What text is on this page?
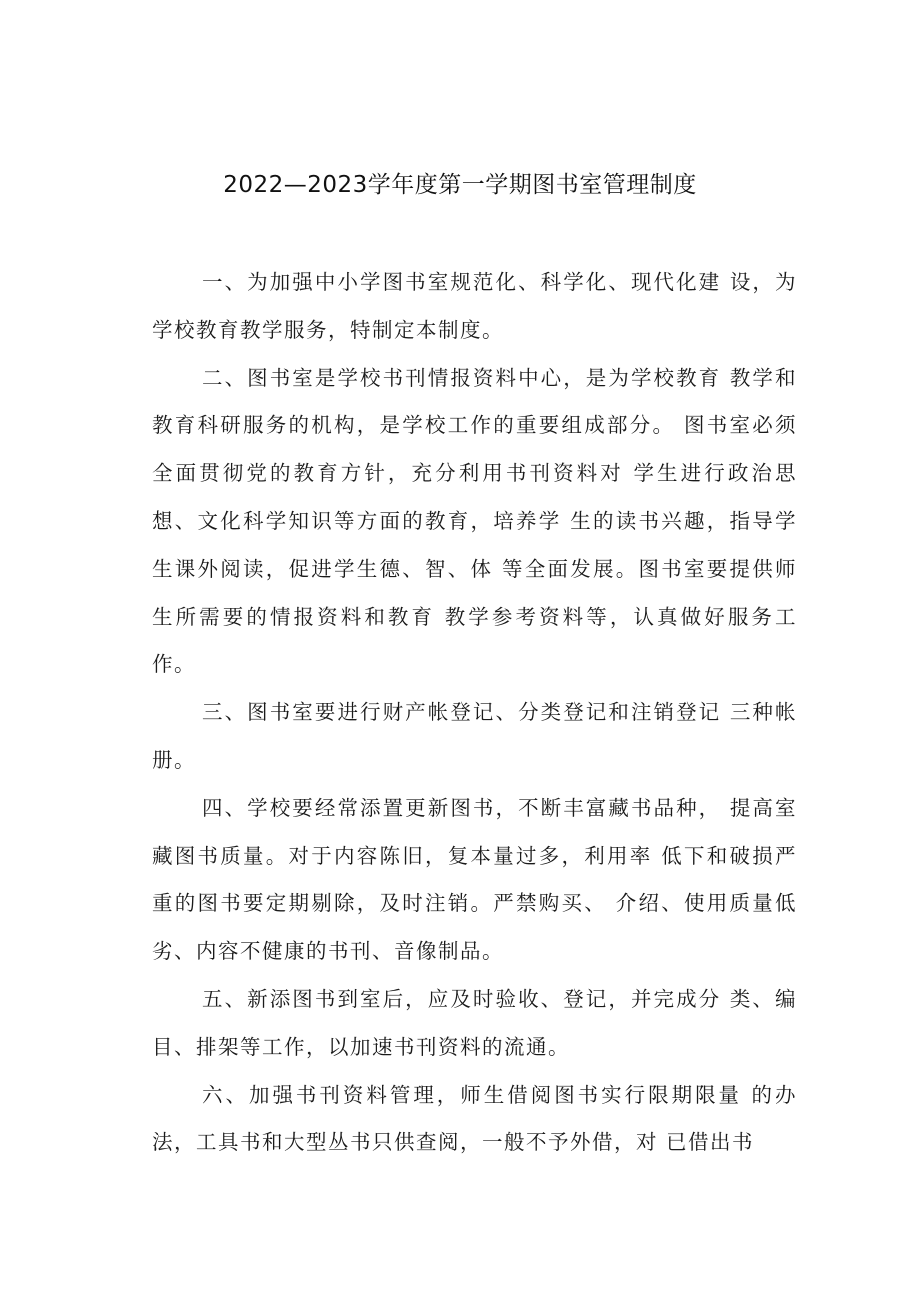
2022—2023学年度第一学期图书室管理制度

一、为加强中小学图书室规范化、科学化、现代化建 设，为学校教育教学服务，特制定本制度。

二、图书室是学校书刊情报资料中心，是为学校教育 教学和教育科研服务的机构，是学校工作的重要组成部分。 图书室必须全面贯彻党的教育方针，充分利用书刊资料对 学生进行政治思想、文化科学知识等方面的教育，培养学 生的读书兴趣，指导学生课外阅读，促进学生德、智、体 等全面发展。图书室要提供师生所需要的情报资料和教育 教学参考资料等，认真做好服务工作。

三、图书室要进行财产帐登记、分类登记和注销登记 三种帐册。

四、学校要经常添置更新图书，不断丰富藏书品种， 提高室藏图书质量。对于内容陈旧，复本量过多，利用率 低下和破损严重的图书要定期剔除，及时注销。严禁购买、 介绍、使用质量低劣、内容不健康的书刊、音像制品。

五、新添图书到室后，应及时验收、登记，并完成分 类、编目、排架等工作，以加速书刊资料的流通。

六、加强书刊资料管理，师生借阅图书实行限期限量 的办法，工具书和大型丛书只供查阅，一般不予外借，对 已借出书
